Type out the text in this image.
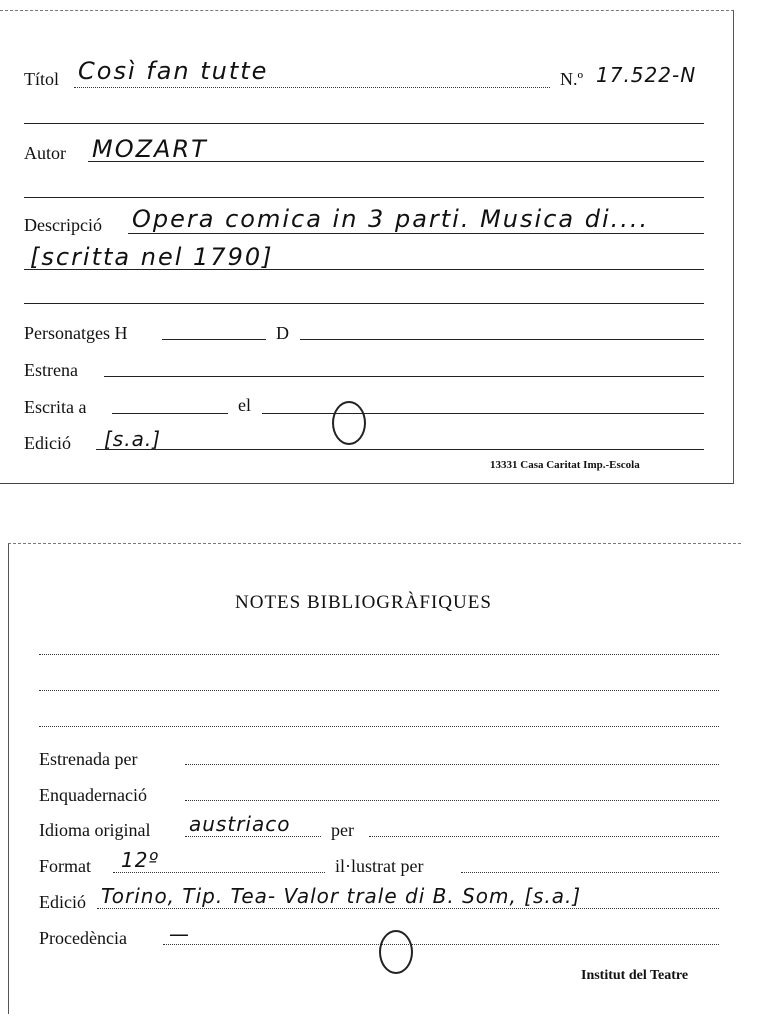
Títol Così fan tutte	N.º 17.522-N
Autor MOZART
Descripció Opera comica in 3 parti. Musica di....
[scritta nel 1790]
Personatges H	D
Estrena
Escrita a	el
Edició [s.a.]
13331 Casa Caritat Imp.-Escola
NOTES BIBLIOGRÀFIQUES
Estrenada per
Enquadernació
Idioma original austriaco per
Format 12º	il·lustrat per
Edició Torino, Tip. Tea- Valor trale di B. Som, [s.a.]
Procedència —
Institut del Teatre
